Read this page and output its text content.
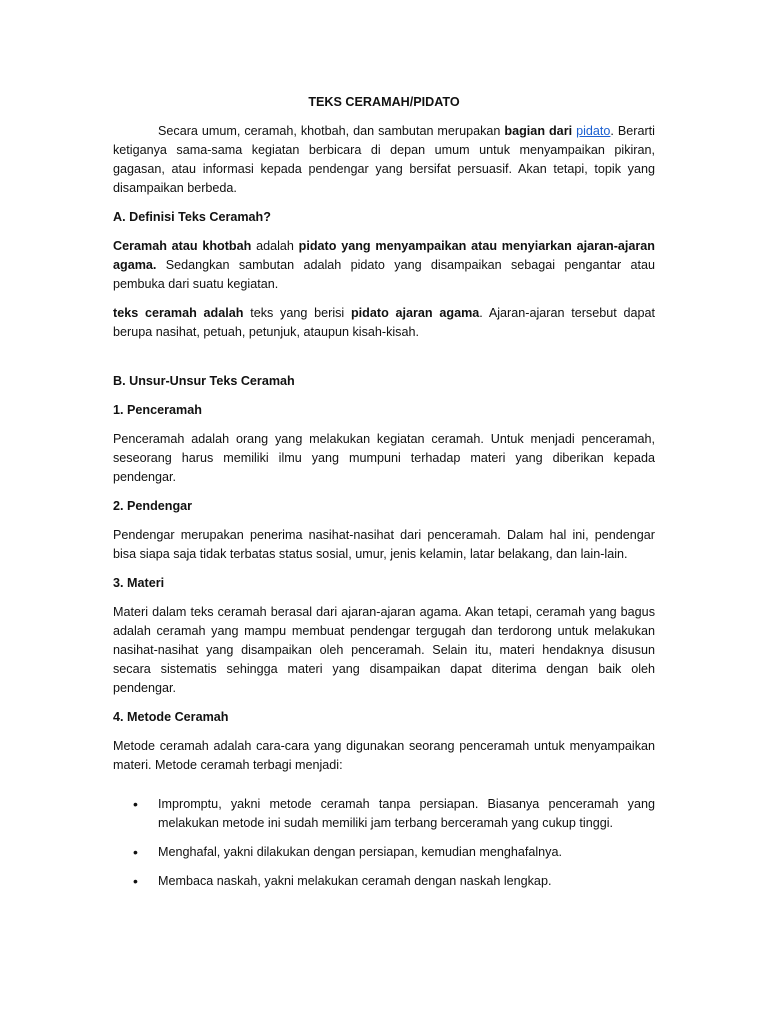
TEKS CERAMAH/PIDATO

Secara umum, ceramah, khotbah, dan sambutan merupakan bagian dari pidato. Berarti ketiganya sama-sama kegiatan berbicara di depan umum untuk menyampaikan pikiran, gagasan, atau informasi kepada pendengar yang bersifat persuasif. Akan tetapi, topik yang disampaikan berbeda.

A. Definisi Teks Ceramah?

Ceramah atau khotbah adalah pidato yang menyampaikan atau menyiarkan ajaran-ajaran agama. Sedangkan sambutan adalah pidato yang disampaikan sebagai pengantar atau pembuka dari suatu kegiatan.

teks ceramah adalah teks yang berisi pidato ajaran agama. Ajaran-ajaran tersebut dapat berupa nasihat, petuah, petunjuk, ataupun kisah-kisah.

B. Unsur-Unsur Teks Ceramah
1. Penceramah

Penceramah adalah orang yang melakukan kegiatan ceramah. Untuk menjadi penceramah, seseorang harus memiliki ilmu yang mumpuni terhadap materi yang diberikan kepada pendengar.

2. Pendengar

Pendengar merupakan penerima nasihat-nasihat dari penceramah. Dalam hal ini, pendengar bisa siapa saja tidak terbatas status sosial, umur, jenis kelamin, latar belakang, dan lain-lain.

3. Materi

Materi dalam teks ceramah berasal dari ajaran-ajaran agama. Akan tetapi, ceramah yang bagus adalah ceramah yang mampu membuat pendengar tergugah dan terdorong untuk melakukan nasihat-nasihat yang disampaikan oleh penceramah. Selain itu, materi hendaknya disusun secara sistematis sehingga materi yang disampaikan dapat diterima dengan baik oleh pendengar.

4. Metode Ceramah

Metode ceramah adalah cara-cara yang digunakan seorang penceramah untuk menyampaikan materi. Metode ceramah terbagi menjadi:

• Impromptu, yakni metode ceramah tanpa persiapan. Biasanya penceramah yang melakukan metode ini sudah memiliki jam terbang berceramah yang cukup tinggi.
• Menghafal, yakni dilakukan dengan persiapan, kemudian menghafalnya.
• Membaca naskah, yakni melakukan ceramah dengan naskah lengkap.
